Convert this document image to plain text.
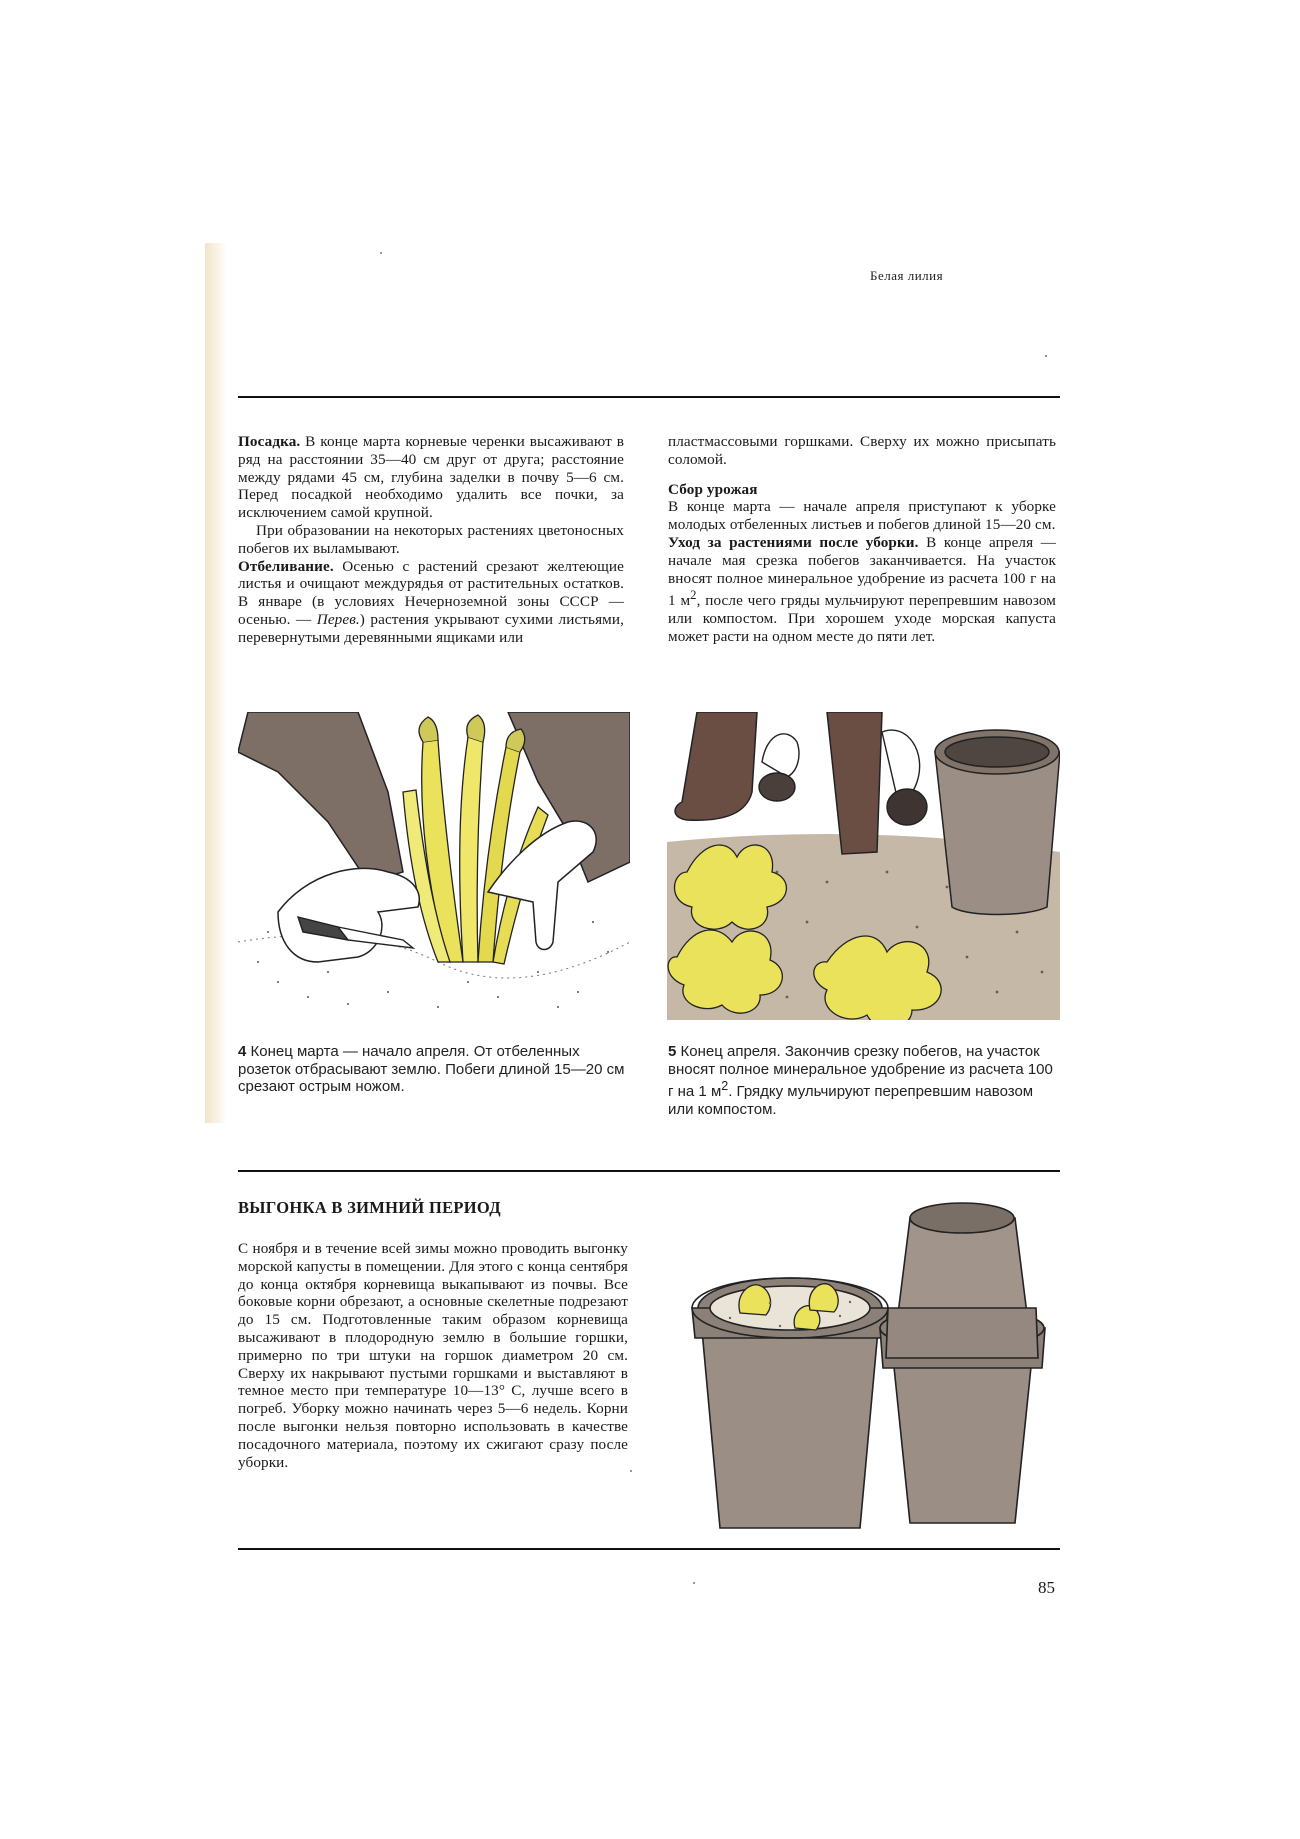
Белая лилия

Посадка. В конце марта корневые черенки высаживают в ряд на расстоянии 35—40 см друг от друга; расстояние между рядами 45 см, глубина заделки в почву 5—6 см. Перед посадкой необходимо удалить все почки, за исключением самой крупной.

При образовании на некоторых растениях цветоносных побегов их выламывают.

Отбеливание. Осенью с растений срезают желтеющие листья и очищают междурядья от растительных остатков. В январе (в условиях Нечерноземной зоны СССР — осенью. — Перев.) растения укрывают сухими листьями, перевернутыми деревянными ящиками или

пластмассовыми горшками. Сверху их можно присыпать соломой.

Сбор урожая

В конце марта — начале апреля приступают к уборке молодых отбеленных листьев и побегов длиной 15—20 см.

Уход за растениями после уборки. В конце апреля — начале мая срезка побегов заканчивается. На участок вносят полное минеральное удобрение из расчета 100 г на 1 $м^2$, после чего гряды мульчируют перепревшим навозом или компостом. При хорошем уходе морская капуста может расти на одном месте до пяти лет.

4 Конец марта — начало апреля. От отбеленных розеток отбрасывают землю. Побеги длиной 15—20 см срезают острым ножом.
5 Конец апреля. Закончив срезку побегов, на участок вносят полное минеральное удобрение из расчета 100 г на 1 $м^2$. Грядку мульчируют перепревшим навозом или компостом.
ВЫГОНКА В ЗИМНИЙ ПЕРИОД

С ноября и в течение всей зимы можно проводить выгонку морской капусты в помещении. Для этого с конца сентября до конца октября корневища выкапывают из почвы. Все боковые корни обрезают, а основные скелетные подрезают до 15 см. Подготовленные таким образом корневища высаживают в плодородную землю в большие горшки, примерно по три штуки на горшок диаметром 20 см. Сверху их накрывают пустыми горшками и выставляют в темное место при температуре 10—13° С, лучше всего в погреб. Уборку можно начинать через 5—6 недель. Корни после выгонки нельзя повторно использовать в качестве посадочного материала, поэтому их сжигают сразу после уборки.

85
